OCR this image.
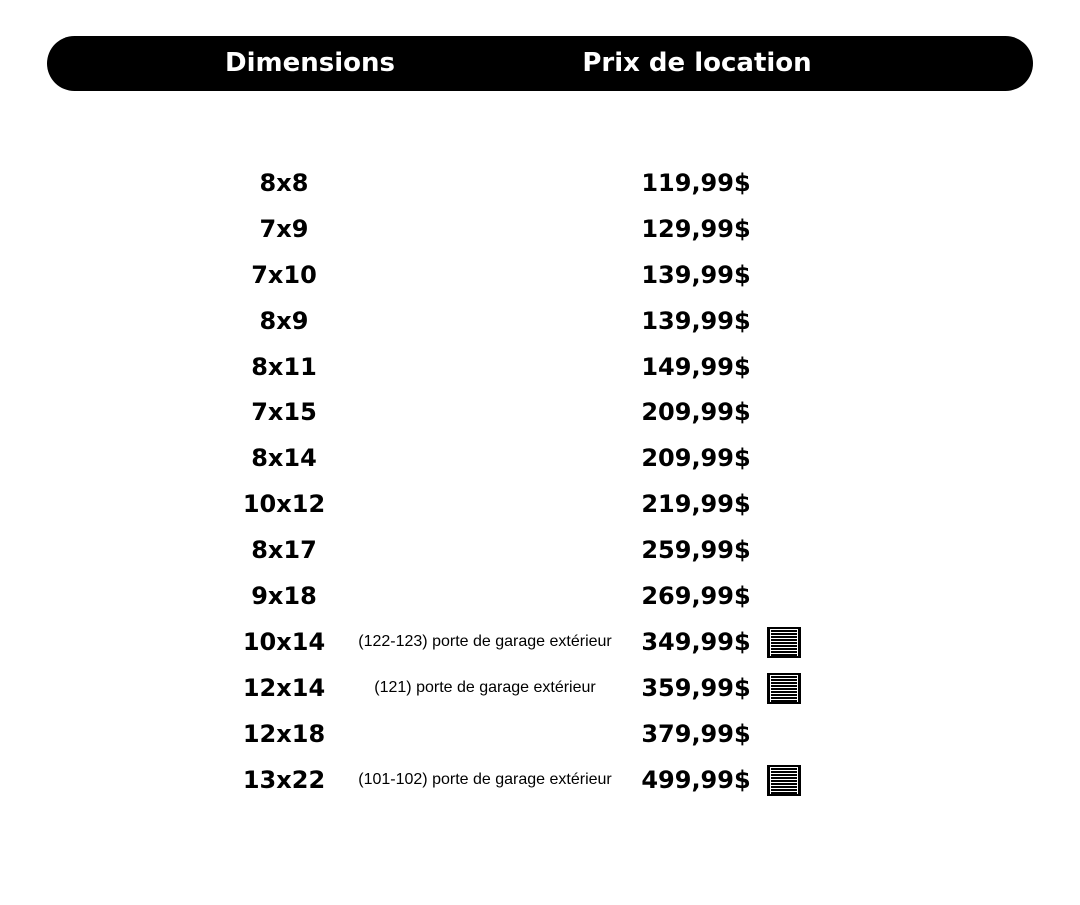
Dimensions	Prix de location
8x8	119,99$
7x9	129,99$
7x10	139,99$
8x9	139,99$
8x11	149,99$
7x15	209,99$
8x14	209,99$
10x12	219,99$
8x17	259,99$
9x18	269,99$
10x14	(122-123) porte de garage extérieur	349,99$
12x14	(121) porte de garage extérieur	359,99$
12x18	379,99$
13x22	(101-102) porte de garage extérieur	499,99$
